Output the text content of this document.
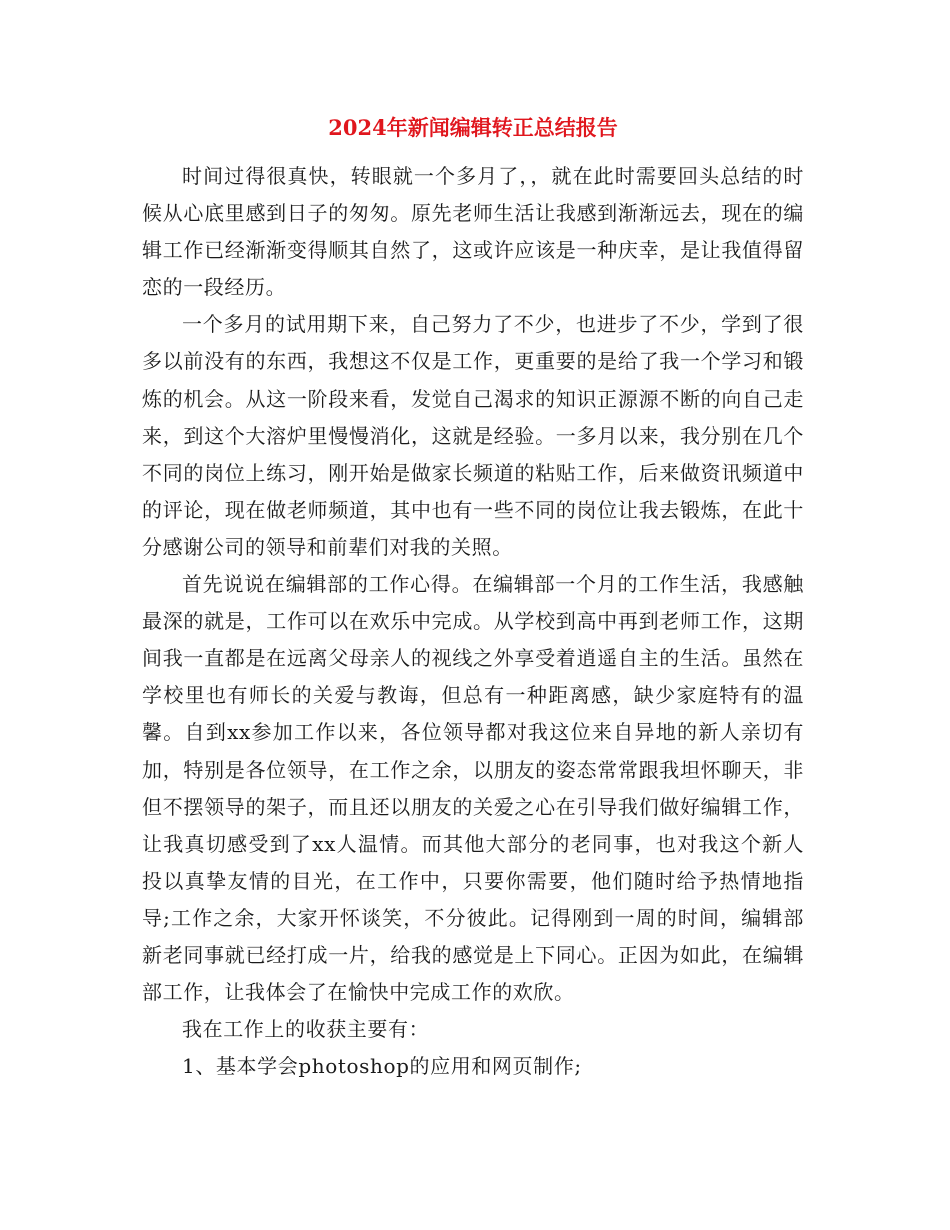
2024年新闻编辑转正总结报告

时间过得很真快，转眼就一个多月了，，就在此时需要回头总结的时候从心底里感到日子的匆匆。原先老师生活让我感到渐渐远去，现在的编辑工作已经渐渐变得顺其自然了，这或许应该是一种庆幸，是让我值得留恋的一段经历。

一个多月的试用期下来，自己努力了不少，也进步了不少，学到了很多以前没有的东西，我想这不仅是工作，更重要的是给了我一个学习和锻炼的机会。从这一阶段来看，发觉自己渴求的知识正源源不断的向自己走来，到这个大溶炉里慢慢消化，这就是经验。一多月以来，我分别在几个不同的岗位上练习，刚开始是做家长频道的粘贴工作，后来做资讯频道中的评论，现在做老师频道，其中也有一些不同的岗位让我去锻炼，在此十分感谢公司的领导和前辈们对我的关照。

首先说说在编辑部的工作心得。在编辑部一个月的工作生活，我感触最深的就是，工作可以在欢乐中完成。从学校到高中再到老师工作，这期间我一直都是在远离父母亲人的视线之外享受着逍遥自主的生活。虽然在学校里也有师长的关爱与教诲，但总有一种距离感，缺少家庭特有的温馨。自到xx参加工作以来，各位领导都对我这位来自异地的新人亲切有加，特别是各位领导，在工作之余，以朋友的姿态常常跟我坦怀聊天，非但不摆领导的架子，而且还以朋友的关爱之心在引导我们做好编辑工作，让我真切感受到了xx人温情。而其他大部分的老同事，也对我这个新人投以真挚友情的目光，在工作中，只要你需要，他们随时给予热情地指导;工作之余，大家开怀谈笑，不分彼此。记得刚到一周的时间，编辑部新老同事就已经打成一片，给我的感觉是上下同心。正因为如此，在编辑部工作，让我体会了在愉快中完成工作的欢欣。

我在工作上的收获主要有：

1、基本学会photoshop的应用和网页制作;
